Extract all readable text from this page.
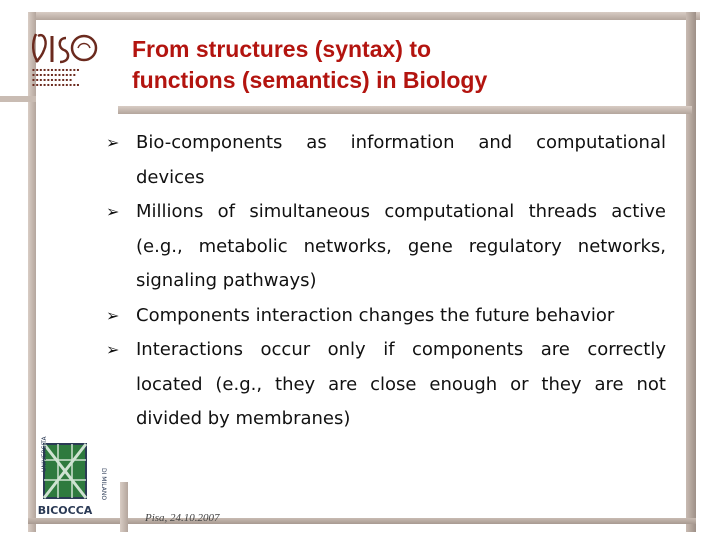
▪▪▪▪▪▪▪▪▪▪▪▪▪
▪▪▪▪▪▪▪▪▪▪▪▪
▪▪▪▪▪▪▪▪▪▪▪
▪▪▪▪▪▪▪▪▪▪▪▪▪
From structures (syntax) to
functions (semantics) in Biology
➢ Bio-components as information and computational devices
➢ Millions of simultaneous computational threads active (e.g., metabolic networks, gene regulatory networks, signaling pathways)
➢ Components interaction changes the future behavior
➢ Interactions occur only if components are correctly located (e.g., they are close enough or they are not divided by membranes)
UNIVERSITA
DI MILANO
BICOCCA
Pisa, 24.10.2007
